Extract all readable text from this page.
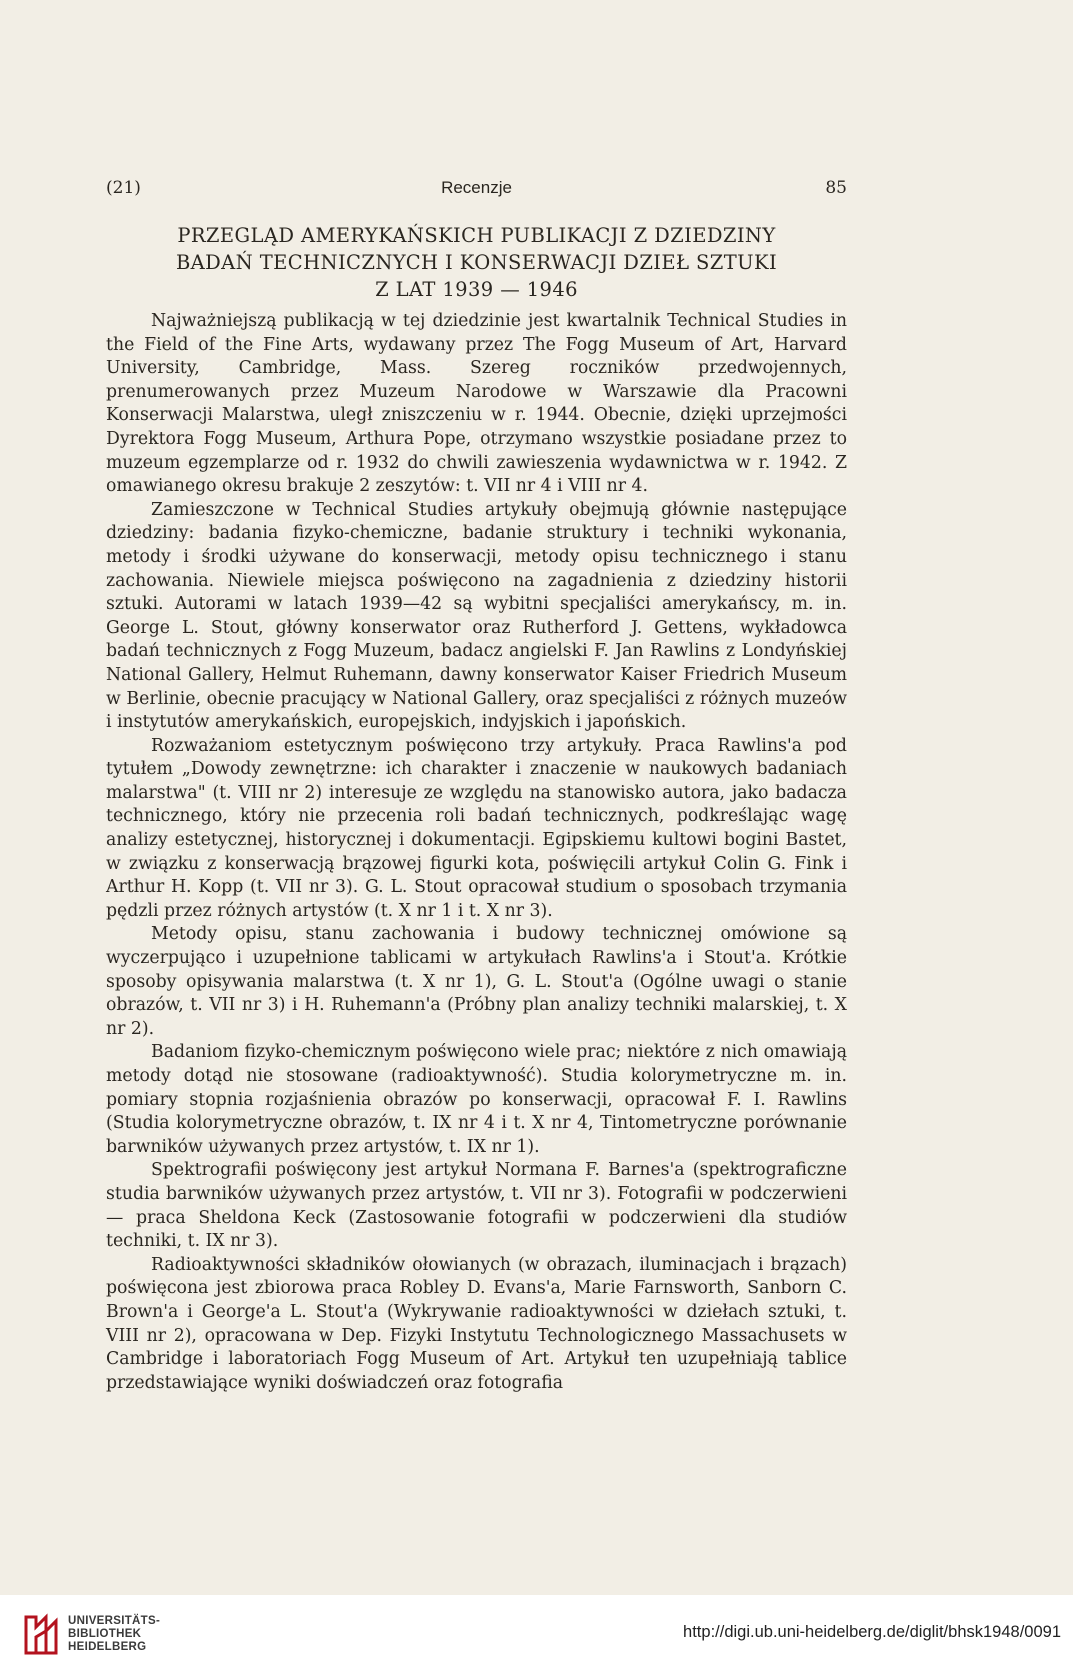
(21)	Recenzje	85
PRZEGLĄD AMERYKAŃSKICH PUBLIKACJI Z DZIEDZINY
BADAŃ TECHNICZNYCH I KONSERWACJI DZIEŁ SZTUKI
Z LAT 1939 — 1946

Najważniejszą publikacją w tej dziedzinie jest kwartalnik Technical Studies in the Field of the Fine Arts, wydawany przez The Fogg Museum of Art, Harvard University, Cambridge, Mass. Szereg roczników przedwojennych, prenumerowanych przez Muzeum Narodowe w Warszawie dla Pracowni Konserwacji Malarstwa, uległ zniszczeniu w r. 1944. Obecnie, dzięki uprzejmości Dyrektora Fogg Museum, Arthura Pope, otrzymano wszystkie posiadane przez to muzeum egzemplarze od r. 1932 do chwili zawieszenia wydawnictwa w r. 1942. Z omawianego okresu brakuje 2 zeszytów: t. VII nr 4 i VIII nr 4.

Zamieszczone w Technical Studies artykuły obejmują głównie następujące dziedziny: badania fizyko-chemiczne, badanie struktury i techniki wykonania, metody i środki używane do konserwacji, metody opisu technicznego i stanu zachowania. Niewiele miejsca poświęcono na zagadnienia z dziedziny historii sztuki. Autorami w latach 1939—42 są wybitni specjaliści amerykańscy, m. in. George L. Stout, główny konserwator oraz Rutherford J. Gettens, wykładowca badań technicznych z Fogg Muzeum, badacz angielski F. Jan Rawlins z Londyńskiej National Gallery, Helmut Ruhemann, dawny konserwator Kaiser Friedrich Museum w Berlinie, obecnie pracujący w National Gallery, oraz specjaliści z różnych muzeów i instytutów amerykańskich, europejskich, indyjskich i japońskich.

Rozważaniom estetycznym poświęcono trzy artykuły. Praca Rawlins'a pod tytułem „Dowody zewnętrzne: ich charakter i znaczenie w naukowych badaniach malarstwa" (t. VIII nr 2) interesuje ze względu na stanowisko autora, jako badacza technicznego, który nie przecenia roli badań technicznych, podkreślając wagę analizy estetycznej, historycznej i dokumentacji. Egipskiemu kultowi bogini Bastet, w związku z konserwacją brązowej figurki kota, poświęcili artykuł Colin G. Fink i Arthur H. Kopp (t. VII nr 3). G. L. Stout opracował studium o sposobach trzymania pędzli przez różnych artystów (t. X nr 1 i t. X nr 3).

Metody opisu, stanu zachowania i budowy technicznej omówione są wyczerpująco i uzupełnione tablicami w artykułach Rawlins'a i Stout'a. Krótkie sposoby opisywania malarstwa (t. X nr 1), G. L. Stout'a (Ogólne uwagi o stanie obrazów, t. VII nr 3) i H. Ruhemann'a (Próbny plan analizy techniki malarskiej, t. X nr 2).

Badaniom fizyko-chemicznym poświęcono wiele prac; niektóre z nich omawiają metody dotąd nie stosowane (radioaktywność). Studia kolorymetryczne m. in. pomiary stopnia rozjaśnienia obrazów po konserwacji, opracował F. I. Rawlins (Studia kolorymetryczne obrazów, t. IX nr 4 i t. X nr 4, Tintometryczne porównanie barwników używanych przez artystów, t. IX nr 1).

Spektrografii poświęcony jest artykuł Normana F. Barnes'a (spektrograficzne studia barwników używanych przez artystów, t. VII nr 3). Fotografii w podczerwieni — praca Sheldona Keck (Zastosowanie fotografii w podczerwieni dla studiów techniki, t. IX nr 3).

Radioaktywności składników ołowianych (w obrazach, iluminacjach i brązach) poświęcona jest zbiorowa praca Robley D. Evans'a, Marie Farnsworth, Sanborn C. Brown'a i George'a L. Stout'a (Wykrywanie radioaktywności w dziełach sztuki, t. VIII nr 2), opracowana w Dep. Fizyki Instytutu Technologicznego Massachusets w Cambridge i laboratoriach Fogg Museum of Art. Artykuł ten uzupełniają tablice przedstawiające wyniki doświadczeń oraz fotografia

UNIVERSITÄTS-
BIBLIOTHEK
HEIDELBERG
http://digi.ub.uni-heidelberg.de/diglit/bhsk1948/0091
